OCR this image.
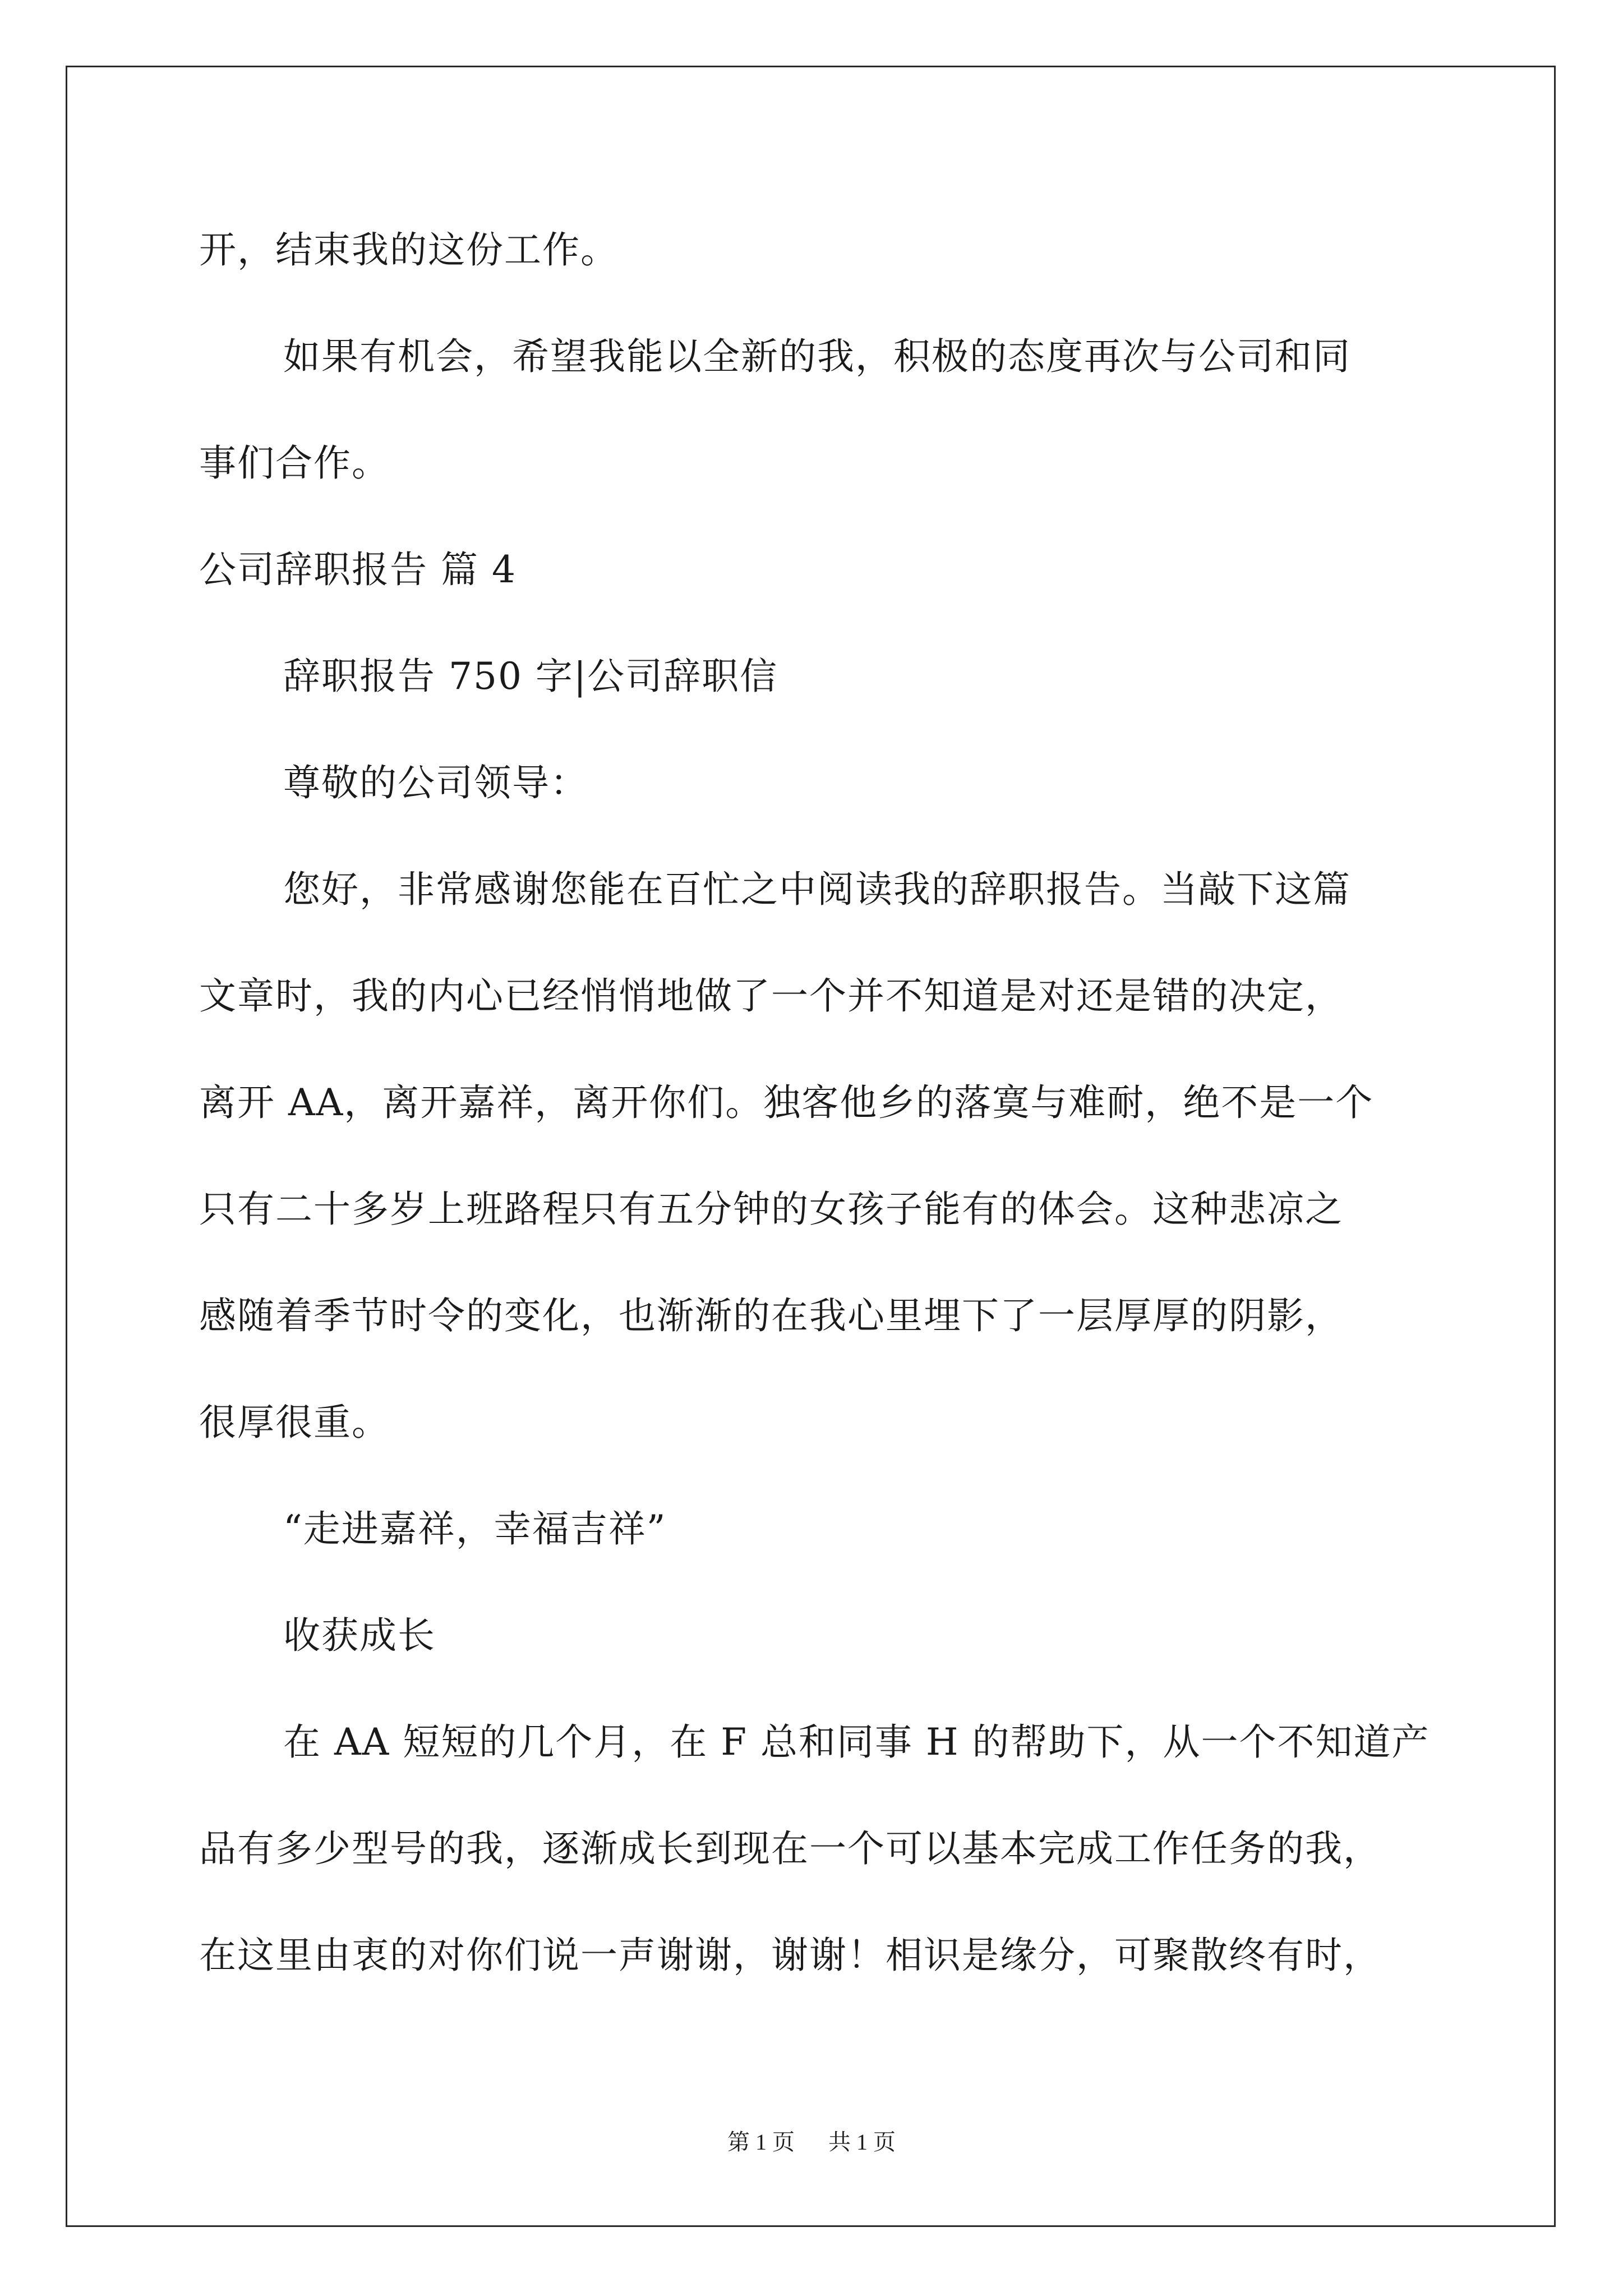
开，结束我的这份工作。
如果有机会，希望我能以全新的我，积极的态度再次与公司和同
事们合作。
公司辞职报告 篇 4
辞职报告 750 字|公司辞职信
尊敬的公司领导：
您好，非常感谢您能在百忙之中阅读我的辞职报告。当敲下这篇
文章时，我的内心已经悄悄地做了一个并不知道是对还是错的决定，
离开 AA，离开嘉祥，离开你们。独客他乡的落寞与难耐，绝不是一个
只有二十多岁上班路程只有五分钟的女孩子能有的体会。这种悲凉之
感随着季节时令的变化，也渐渐的在我心里埋下了一层厚厚的阴影，
很厚很重。
“走进嘉祥，幸福吉祥”
收获成长
在 AA 短短的几个月，在 F 总和同事 H 的帮助下，从一个不知道产
品有多少型号的我，逐渐成长到现在一个可以基本完成工作任务的我，
在这里由衷的对你们说一声谢谢，谢谢！相识是缘分，可聚散终有时，
第 1 页 共 1 页
